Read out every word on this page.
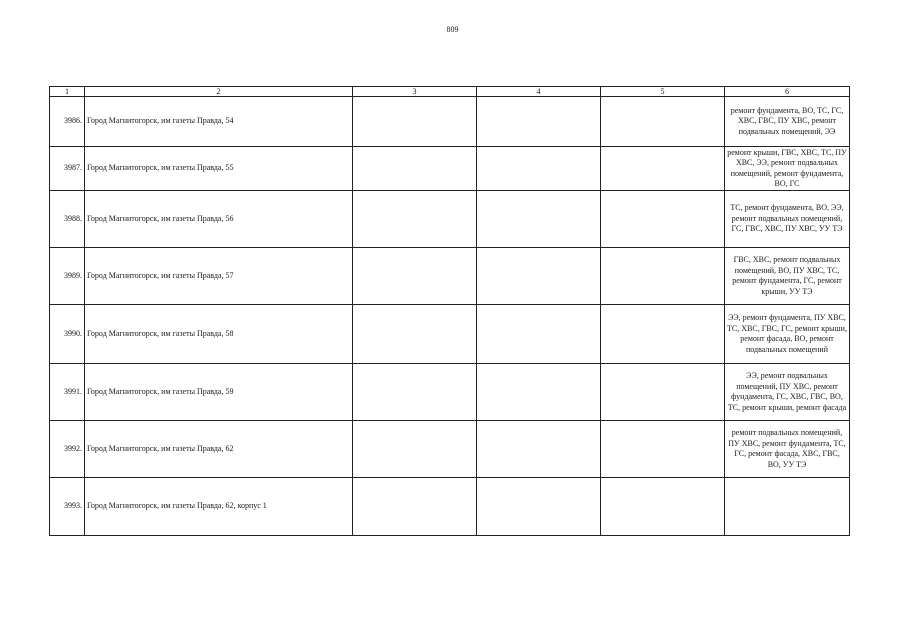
809
1	2	3	4	5	6
3986.	Город Магнитогорск, им газеты Правда, 54				ремонт фундамента, ВО, ТС, ГС, ХВС, ГВС, ПУ ХВС, ремонт подвальных помещений, ЭЭ
3987.	Город Магнитогорск, им газеты Правда, 55				ремонт крыши, ГВС, ХВС, ТС, ПУ ХВС, ЭЭ, ремонт подвальных помещений, ремонт фундамента, ВО, ГС
3988.	Город Магнитогорск, им газеты Правда, 56				ТС, ремонт фундамента, ВО, ЭЭ, ремонт подвальных помещений, ГС, ГВС, ХВС, ПУ ХВС, УУ ТЭ
3989.	Город Магнитогорск, им газеты Правда, 57				ГВС, ХВС, ремонт подвальных помещений, ВО, ПУ ХВС, ТС, ремонт фундамента, ГС, ремонт крыши, УУ ТЭ
3990.	Город Магнитогорск, им газеты Правда, 58				ЭЭ, ремонт фундамента, ПУ ХВС, ТС, ХВС, ГВС, ГС, ремонт крыши, ремонт фасада, ВО, ремонт подвальных помещений
3991.	Город Магнитогорск, им газеты Правда, 59				ЭЭ, ремонт подвальных помещений, ПУ ХВС, ремонт фундамента, ГС, ХВС, ГВС, ВО, ТС, ремонт крыши, ремонт фасада
3992.	Город Магнитогорск, им газеты Правда, 62				ремонт подвальных помещений, ПУ ХВС, ремонт фундамента, ТС, ГС, ремонт фасада, ХВС, ГВС, ВО, УУ ТЭ
3993.	Город Магнитогорск, им газеты Правда, 62, корпус 1				
